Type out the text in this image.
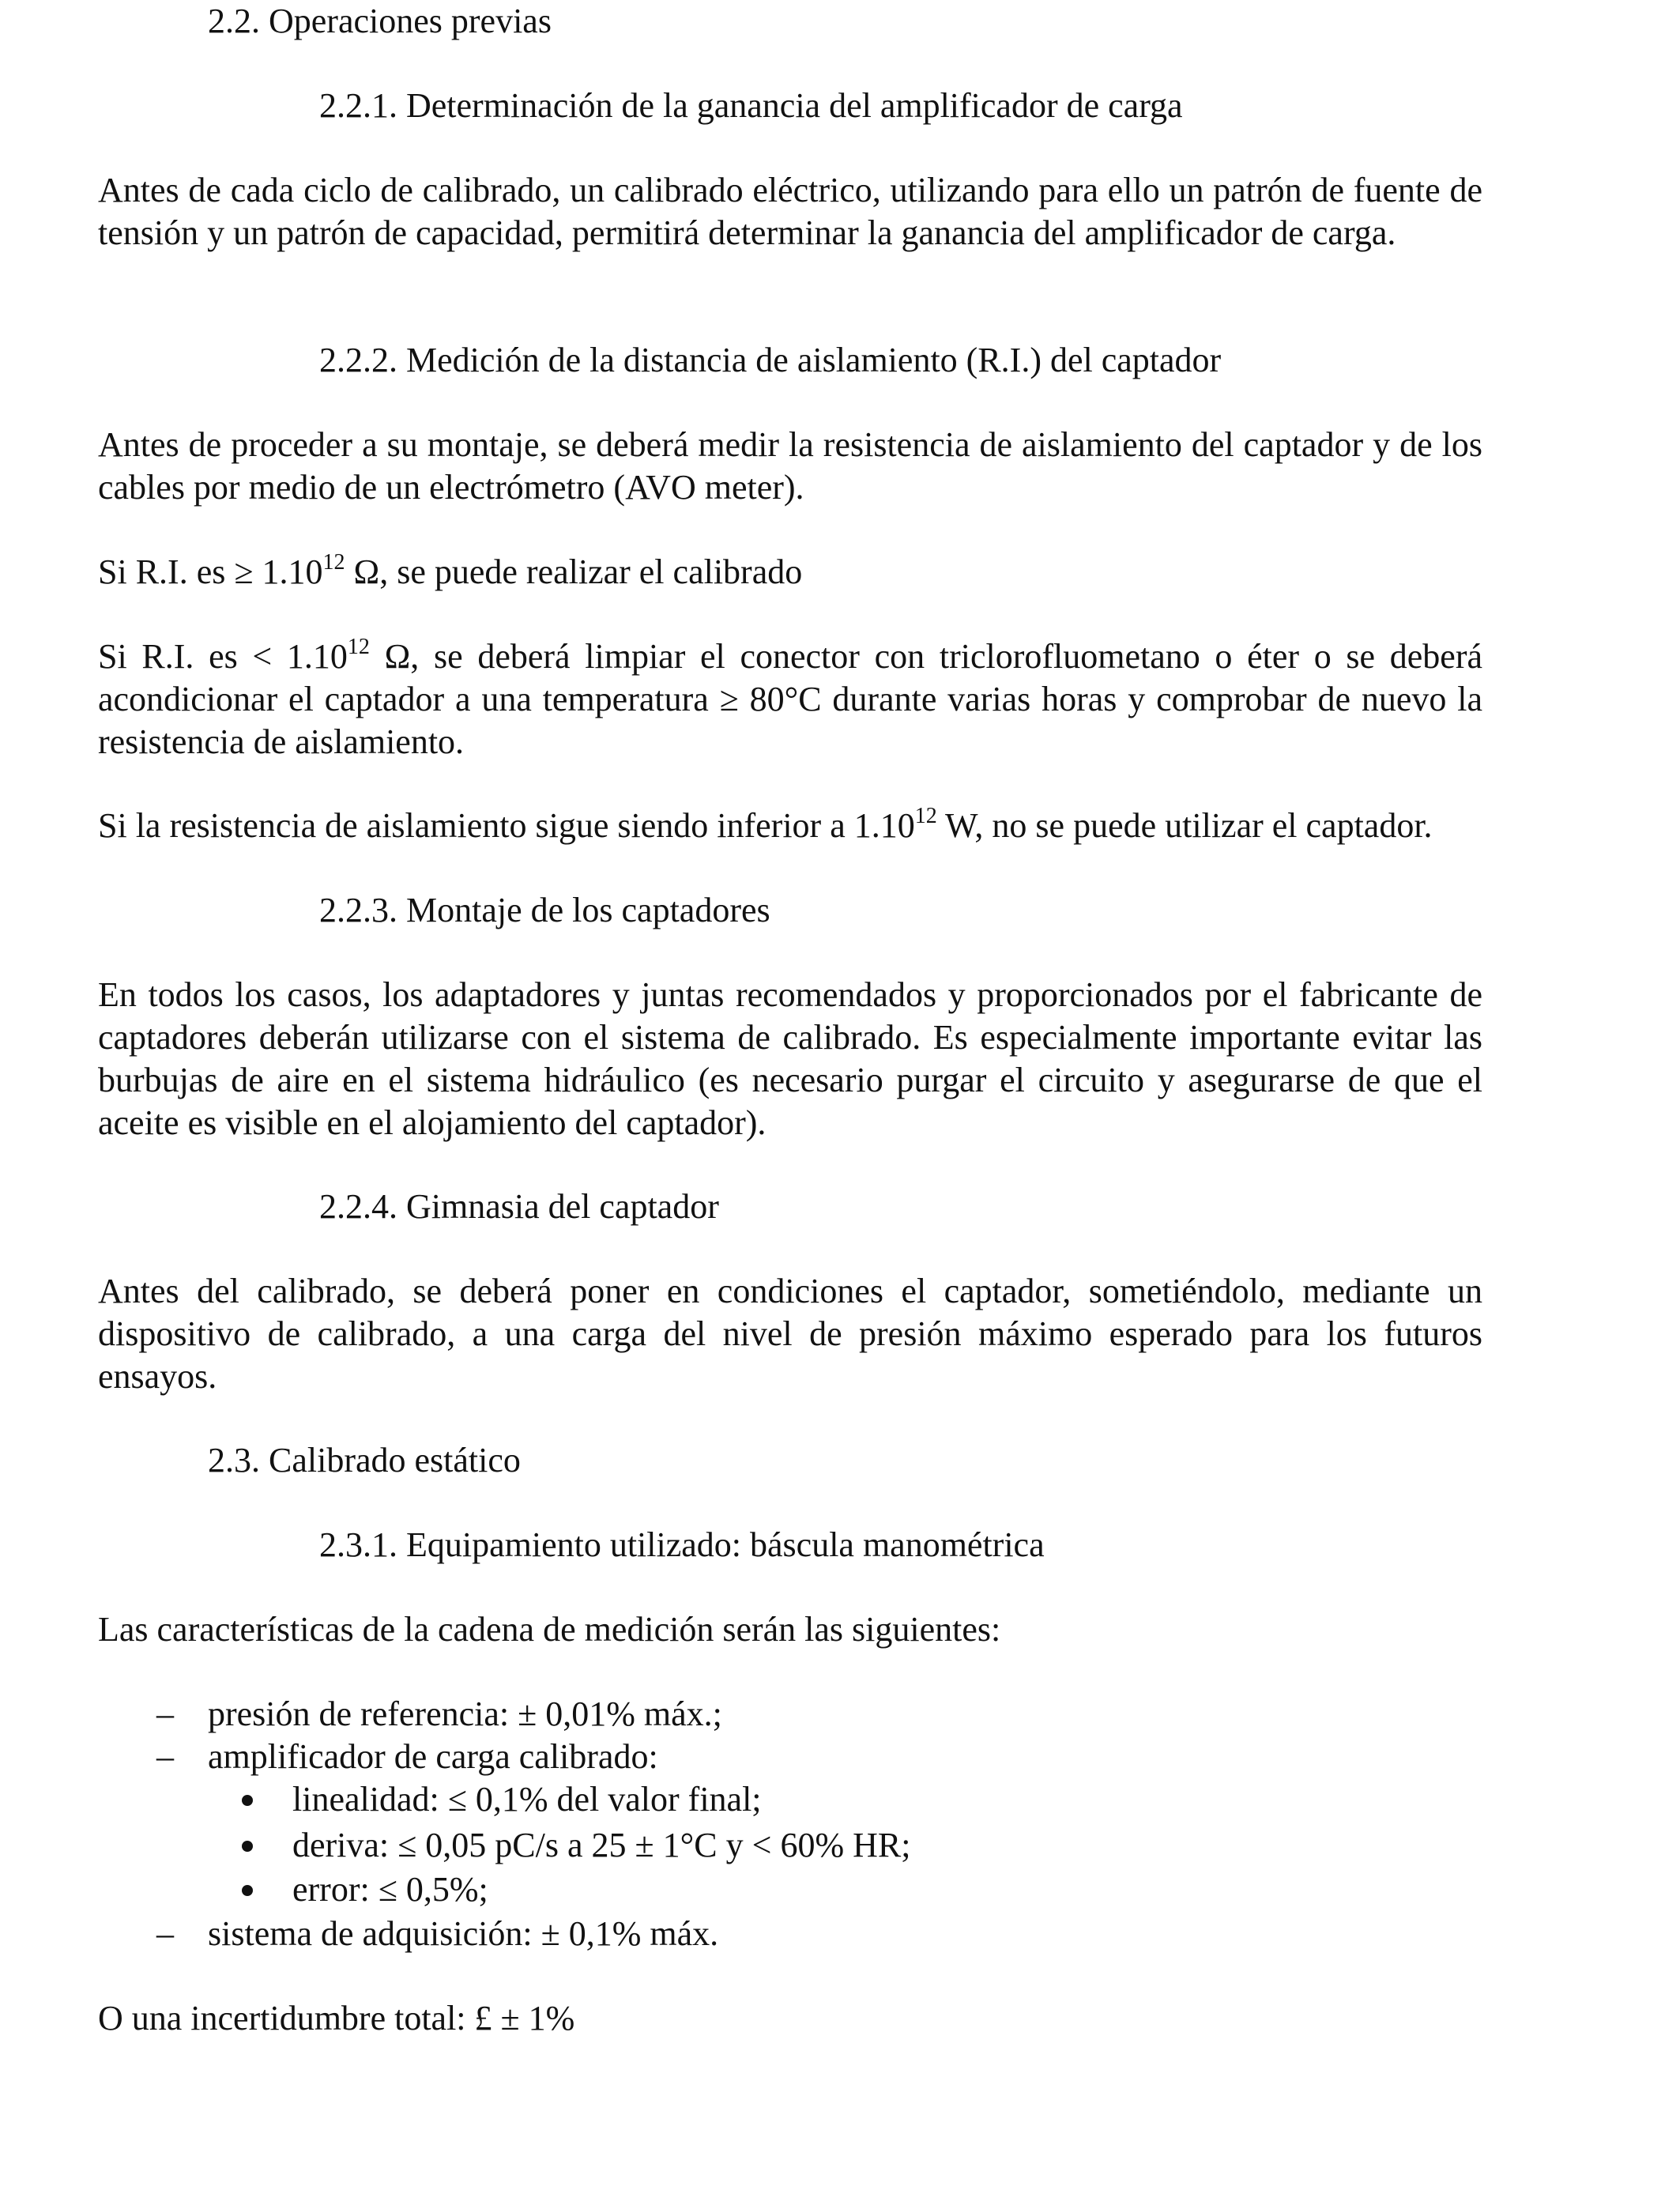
2.2. Operaciones previas
2.2.1. Determinación de la ganancia del amplificador de carga
Antes de cada ciclo de calibrado, un calibrado eléctrico, utilizando para ello un patrón de fuente de tensión y un patrón de capacidad, permitirá determinar la ganancia del amplificador de carga.
2.2.2. Medición de la distancia de aislamiento (R.I.) del captador
Antes de proceder a su montaje, se deberá medir la resistencia de aislamiento del captador y de los cables por medio de un electrómetro (AVO meter).
Si R.I. es ≥ $1.10^{12}$ Ω, se puede realizar el calibrado
Si R.I. es < $1.10^{12}$ Ω, se deberá limpiar el conector con triclorofluometano o éter o se deberá acondicionar el captador a una temperatura ≥ 80°C durante varias horas y comprobar de nuevo la resistencia de aislamiento.
Si la resistencia de aislamiento sigue siendo inferior a 1.10$^{12}$ W, no se puede utilizar el captador.
2.2.3. Montaje de los captadores
En todos los casos, los adaptadores y juntas recomendados y proporcionados por el fabricante de captadores deberán utilizarse con el sistema de calibrado. Es especialmente importante evitar las burbujas de aire en el sistema hidráulico (es necesario purgar el circuito y asegurarse de que el aceite es visible en el alojamiento del captador).
2.2.4. Gimnasia del captador
Antes del calibrado, se deberá poner en condiciones el captador, sometiéndolo, mediante un dispositivo de calibrado, a una carga del nivel de presión máximo esperado para los futuros ensayos.
2.3. Calibrado estático
2.3.1. Equipamiento utilizado: báscula manométrica
Las características de la cadena de medición serán las siguientes:
– presión de referencia: ± 0,01% máx.;
– amplificador de carga calibrado:
linealidad: ≤ 0,1% del valor final;
deriva: ≤ 0,05 pC/s a 25 ± 1°C y < 60% HR;
error: ≤ 0,5%;
– sistema de adquisición: ± 0,1% máx.
O una incertidumbre total: £ ± 1%
